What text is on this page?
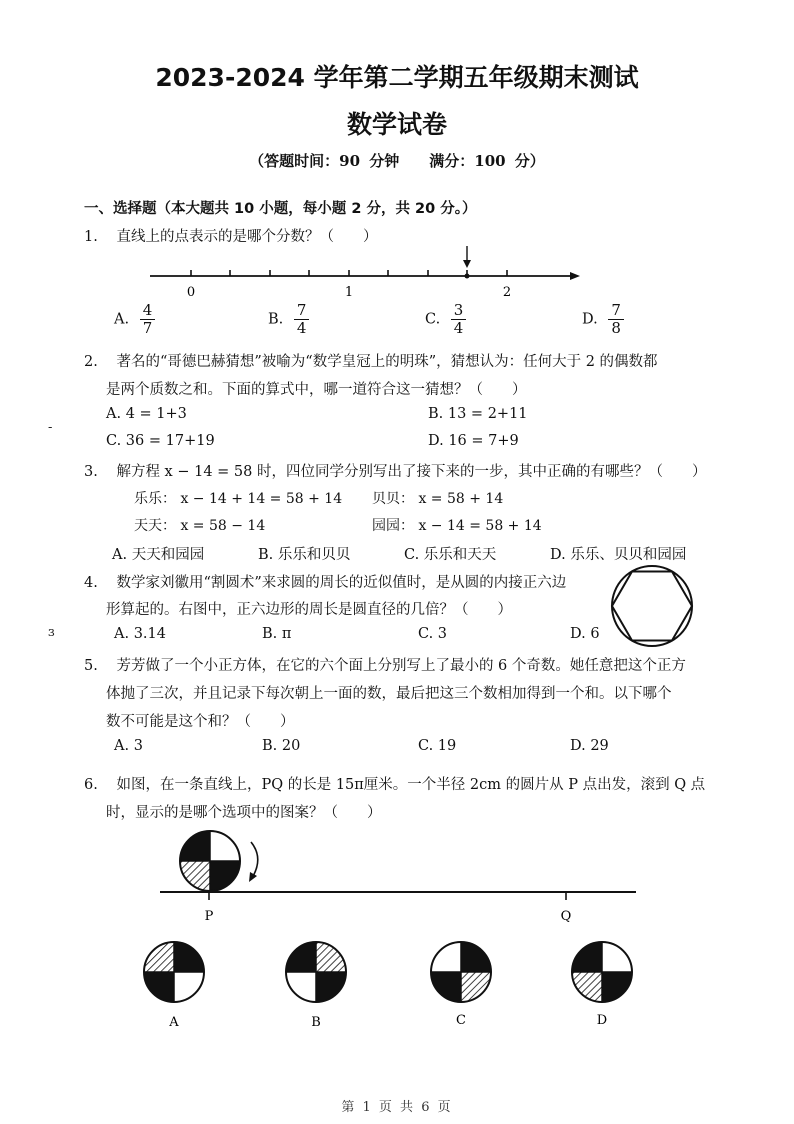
2023-2024 学年第二学期五年级期末测试
数学试卷
（答题时间：90 分钟　　满分：100 分）
一、选择题（本大题共 10 小题，每小题 2 分，共 20 分。）
1. 直线上的点表示的是哪个分数？（　　）
0	1	2
A. $\frac{4}{7}$	B. $\frac{7}{4}$	C. $\frac{3}{4}$	D. $\frac{7}{8}$
2. 著名的“哥德巴赫猜想”被喻为“数学皇冠上的明珠”，猜想认为：任何大于 2 的偶数都
是两个质数之和。下面的算式中，哪一道符合这一猜想？（　　）
A. 4 = 1+3	B. 13 = 2+11
C. 36 = 17+19	D. 16 = 7+9
-
3. 解方程 x − 14 = 58 时，四位同学分别写出了接下来的一步，其中正确的有哪些？（　　）
乐乐： x − 14 + 14 = 58 + 14 贝贝： x = 58 + 14
天天： x = 58 − 14	园园： x − 14 = 58 + 14
A. 天天和园园	B. 乐乐和贝贝	C. 乐乐和天天	D. 乐乐、贝贝和园园
4. 数学家刘徽用“割圆术”来求圆的周长的近似值时，是从圆的内接正六边
形算起的。右图中，正六边形的周长是圆直径的几倍？（　　）
A. 3.14	B. π	C. 3	D. 6
ɜ
5. 芳芳做了一个小正方体，在它的六个面上分别写上了最小的 6 个奇数。她任意把这个正方
体抛了三次，并且记录下每次朝上一面的数，最后把这三个数相加得到一个和。以下哪个
数不可能是这个和？（　　）
A. 3	B. 20	C. 19	D. 29
6. 如图，在一条直线上，PQ 的长是 15π厘米。一个半径 2cm 的圆片从 P 点出发，滚到 Q 点
时，显示的是哪个选项中的图案？（　　）
P	Q
A	B	C	D
第 1 页 共 6 页
